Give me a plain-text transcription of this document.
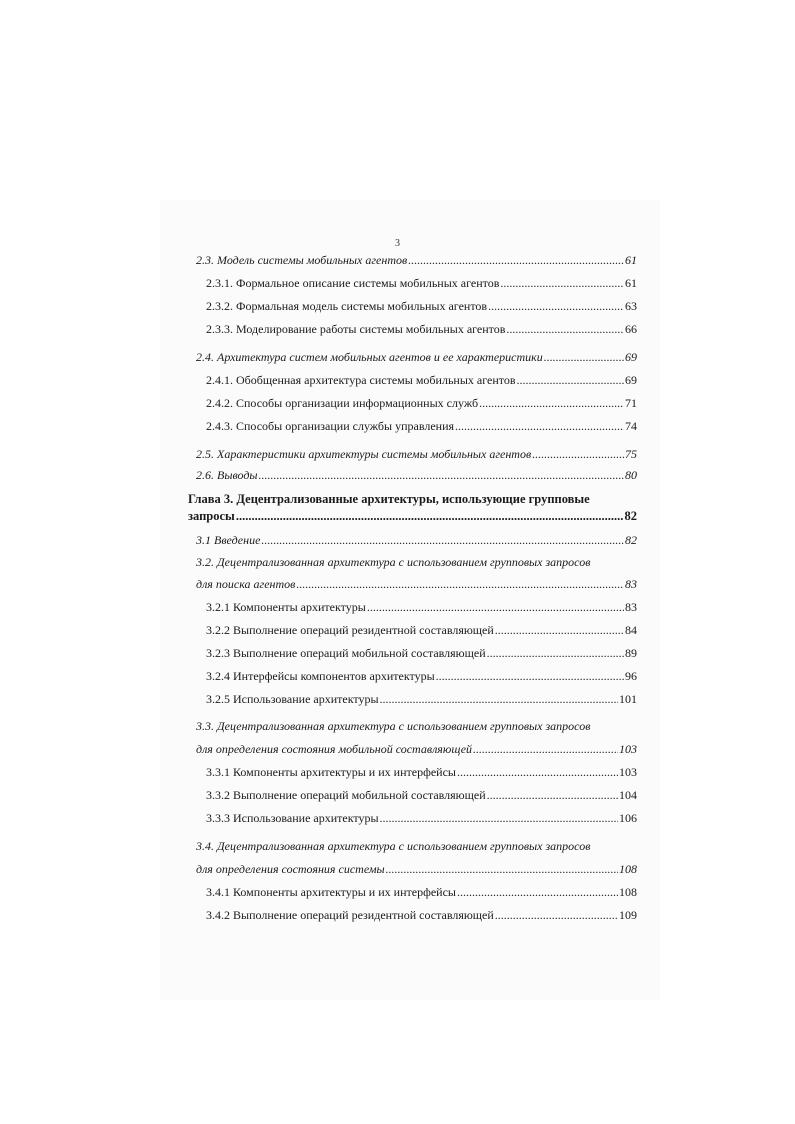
3
2.3. Модель системы мобильных агентов .....	61
2.3.1. Формальное описание системы мобильных агентов .....	61
2.3.2. Формальная модель системы мобильных агентов .....	63
2.3.3. Моделирование работы системы мобильных агентов .....	66
2.4. Архитектура систем мобильных агентов и ее характеристики .....	69
2.4.1. Обобщенная архитектура системы мобильных агентов .....	69
2.4.2. Способы организации информационных служб .....	71
2.4.3. Способы организации службы управления .....	74
2.5. Характеристики архитектуры системы мобильных агентов .....	75
2.6. Выводы .....	80
Глава 3. Децентрализованные архитектуры, использующие групповые
запросы .....	82
3.1 Введение .....	82
3.2. Децентрализованная архитектура с использованием групповых запросов
для поиска агентов .....	83
3.2.1 Компоненты архитектуры .....	83
3.2.2 Выполнение операций резидентной составляющей .....	84
3.2.3 Выполнение операций мобильной составляющей .....	89
3.2.4 Интерфейсы компонентов архитектуры .....	96
3.2.5 Использование архитектуры .....	101
3.3. Децентрализованная архитектура с использованием групповых запросов
для определения состояния мобильной составляющей .....	103
3.3.1 Компоненты архитектуры и их интерфейсы .....	103
3.3.2 Выполнение операций мобильной составляющей .....	104
3.3.3 Использование архитектуры .....	106
3.4. Децентрализованная архитектура с использованием групповых запросов
для определения состояния системы .....	108
3.4.1 Компоненты архитектуры и их интерфейсы .....	108
3.4.2 Выполнение операций резидентной составляющей .....	109
